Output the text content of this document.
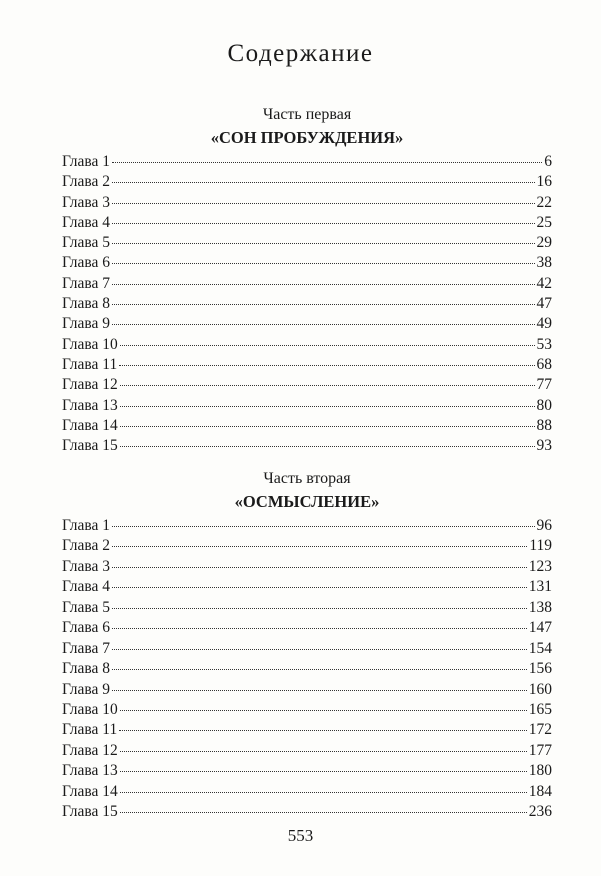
Содержание
Часть первая
«СОН ПРОБУЖДЕНИЯ»
Глава 1	6
Глава 2	16
Глава 3	22
Глава 4	25
Глава 5	29
Глава 6	38
Глава 7	42
Глава 8	47
Глава 9	49
Глава 10	53
Глава 11	68
Глава 12	77
Глава 13	80
Глава 14	88
Глава 15	93
Часть вторая
«ОСМЫСЛЕНИЕ»
Глава 1	96
Глава 2	119
Глава 3	123
Глава 4	131
Глава 5	138
Глава 6	147
Глава 7	154
Глава 8	156
Глава 9	160
Глава 10	165
Глава 11	172
Глава 12	177
Глава 13	180
Глава 14	184
Глава 15	236
553
